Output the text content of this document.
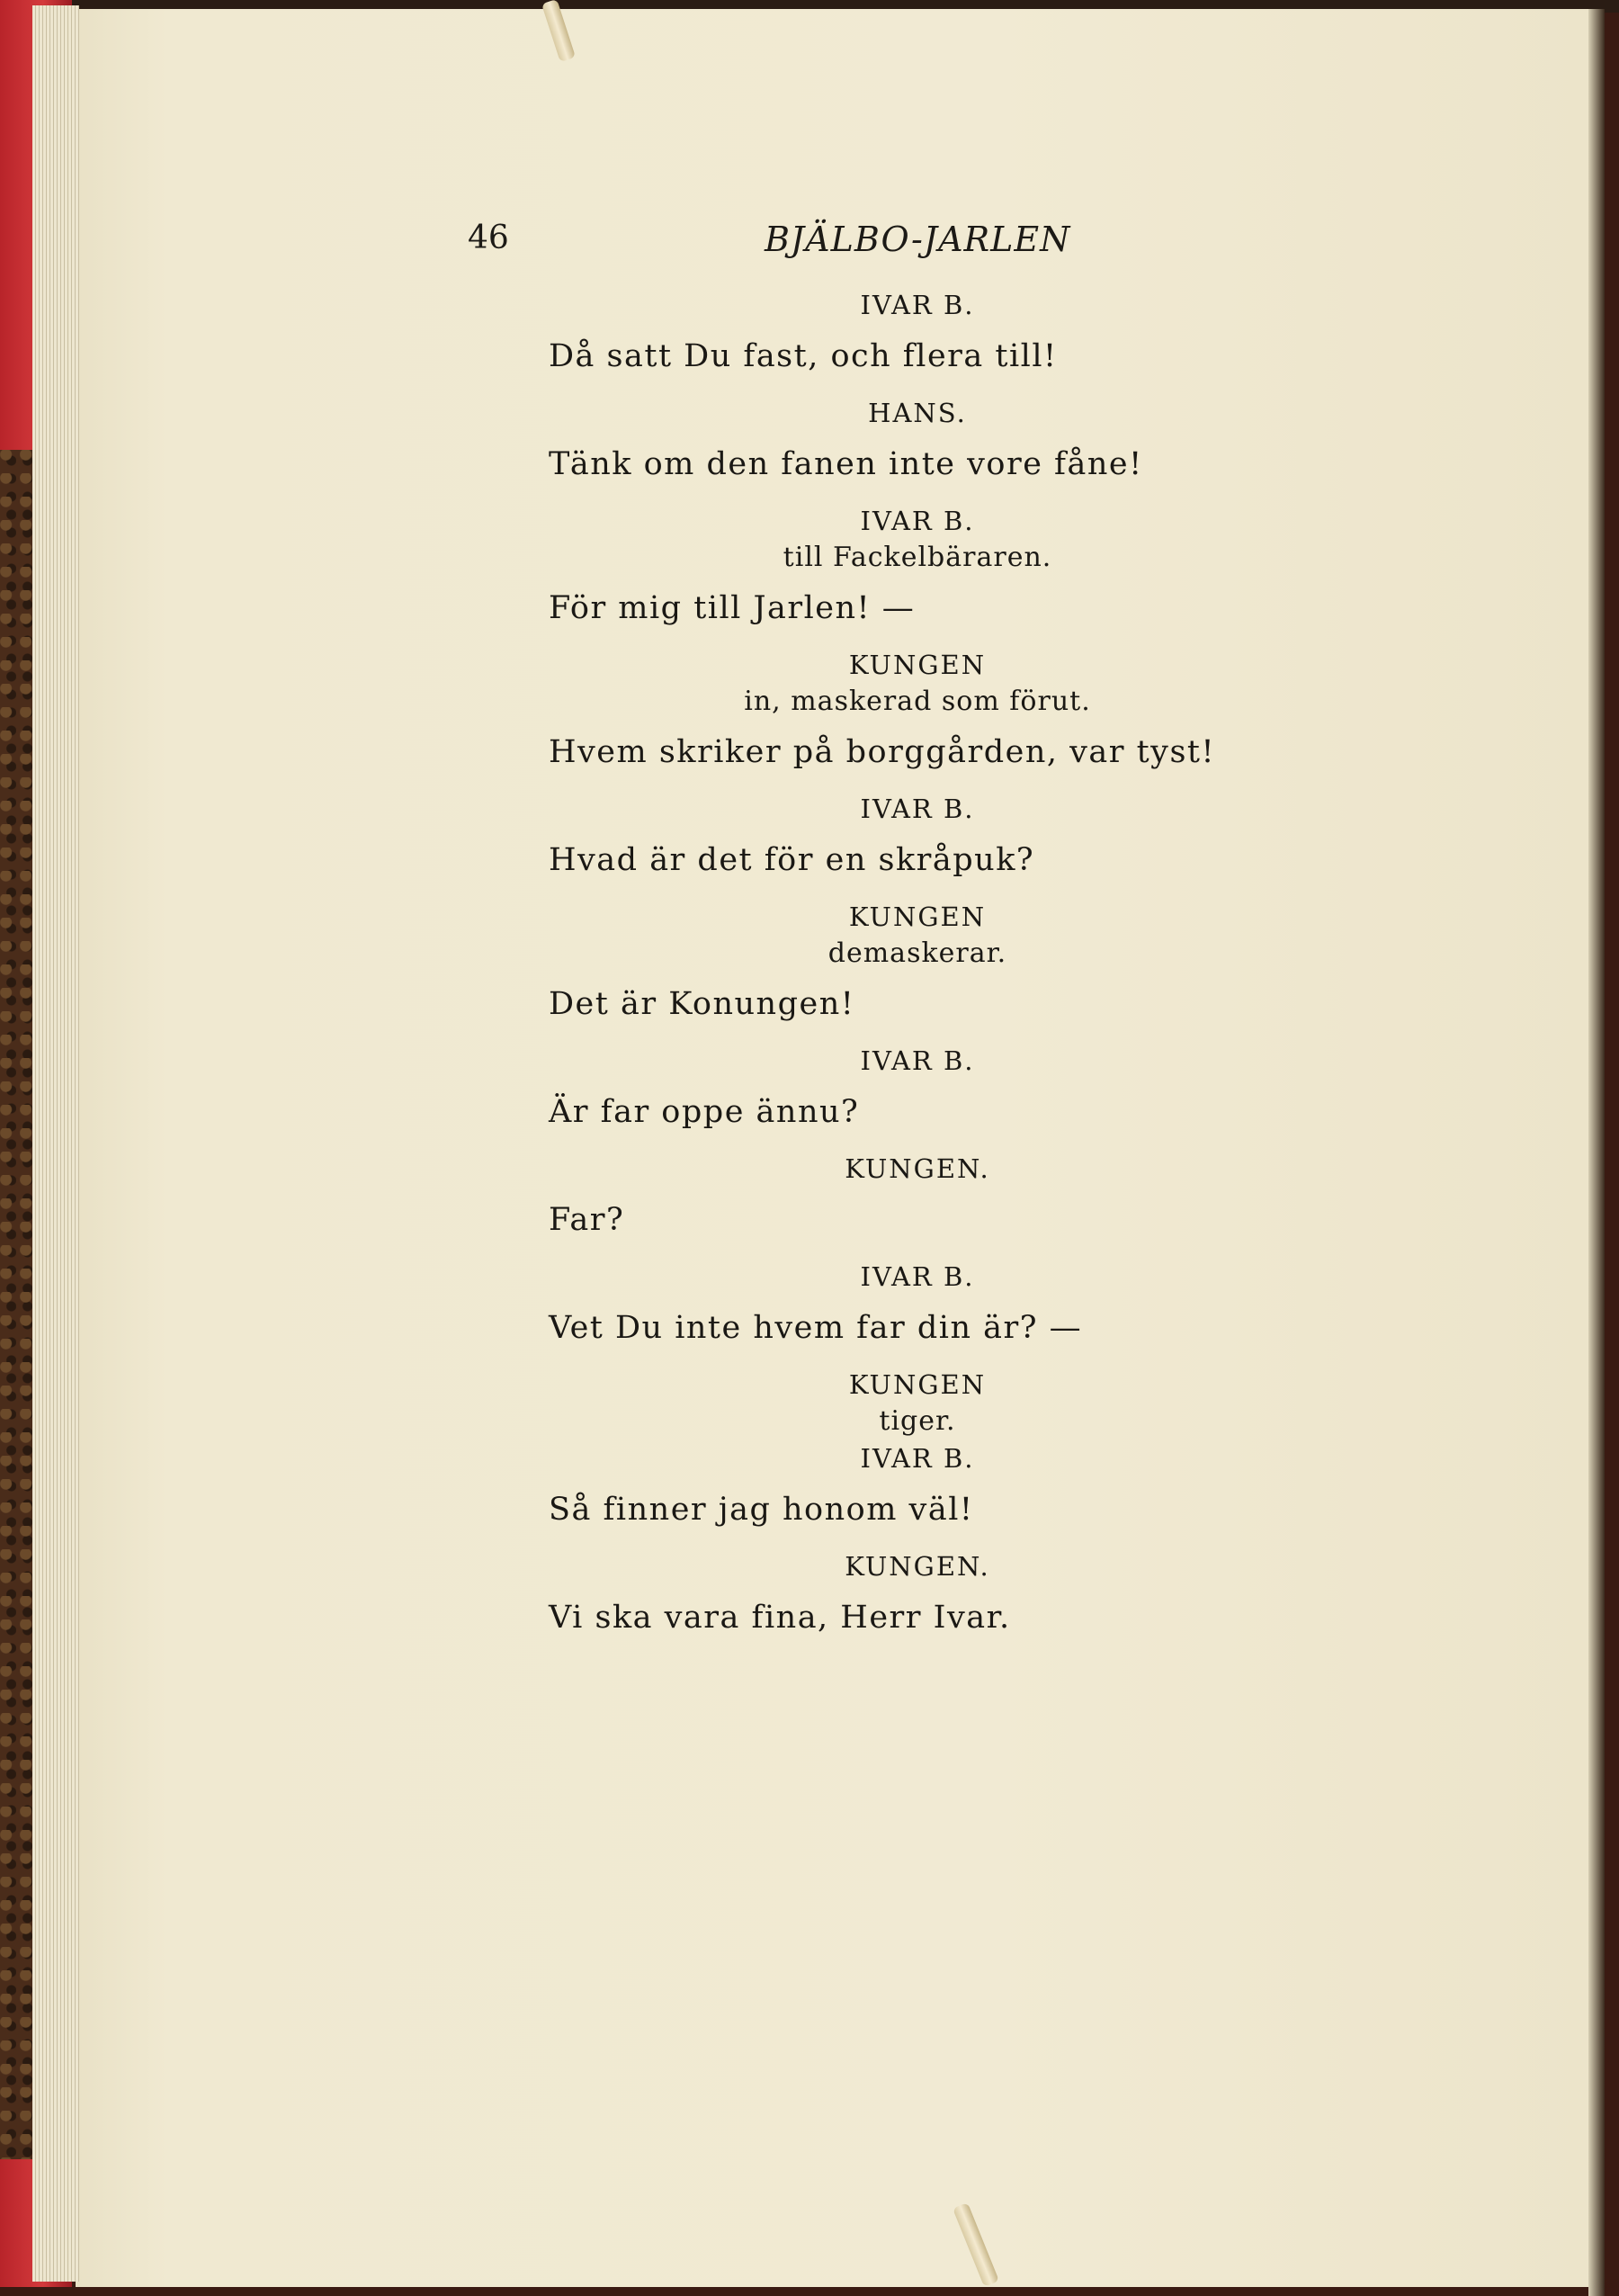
46	BJÄLBO-JARLEN
IVAR B.
Då satt Du fast, och flera till!
HANS.
Tänk om den fanen inte vore fåne!
IVAR B.
till Fackelbäraren.
För mig till Jarlen! —
KUNGEN
in, maskerad som förut.
Hvem skriker på borggården, var tyst!
IVAR B.
Hvad är det för en skråpuk?
KUNGEN
demaskerar.
Det är Konungen!
IVAR B.
Är far oppe ännu?
KUNGEN.
Far?
IVAR B.
Vet Du inte hvem far din är? —
KUNGEN
tiger.
IVAR B.
Så finner jag honom väl!
KUNGEN.
Vi ska vara fina, Herr Ivar.
